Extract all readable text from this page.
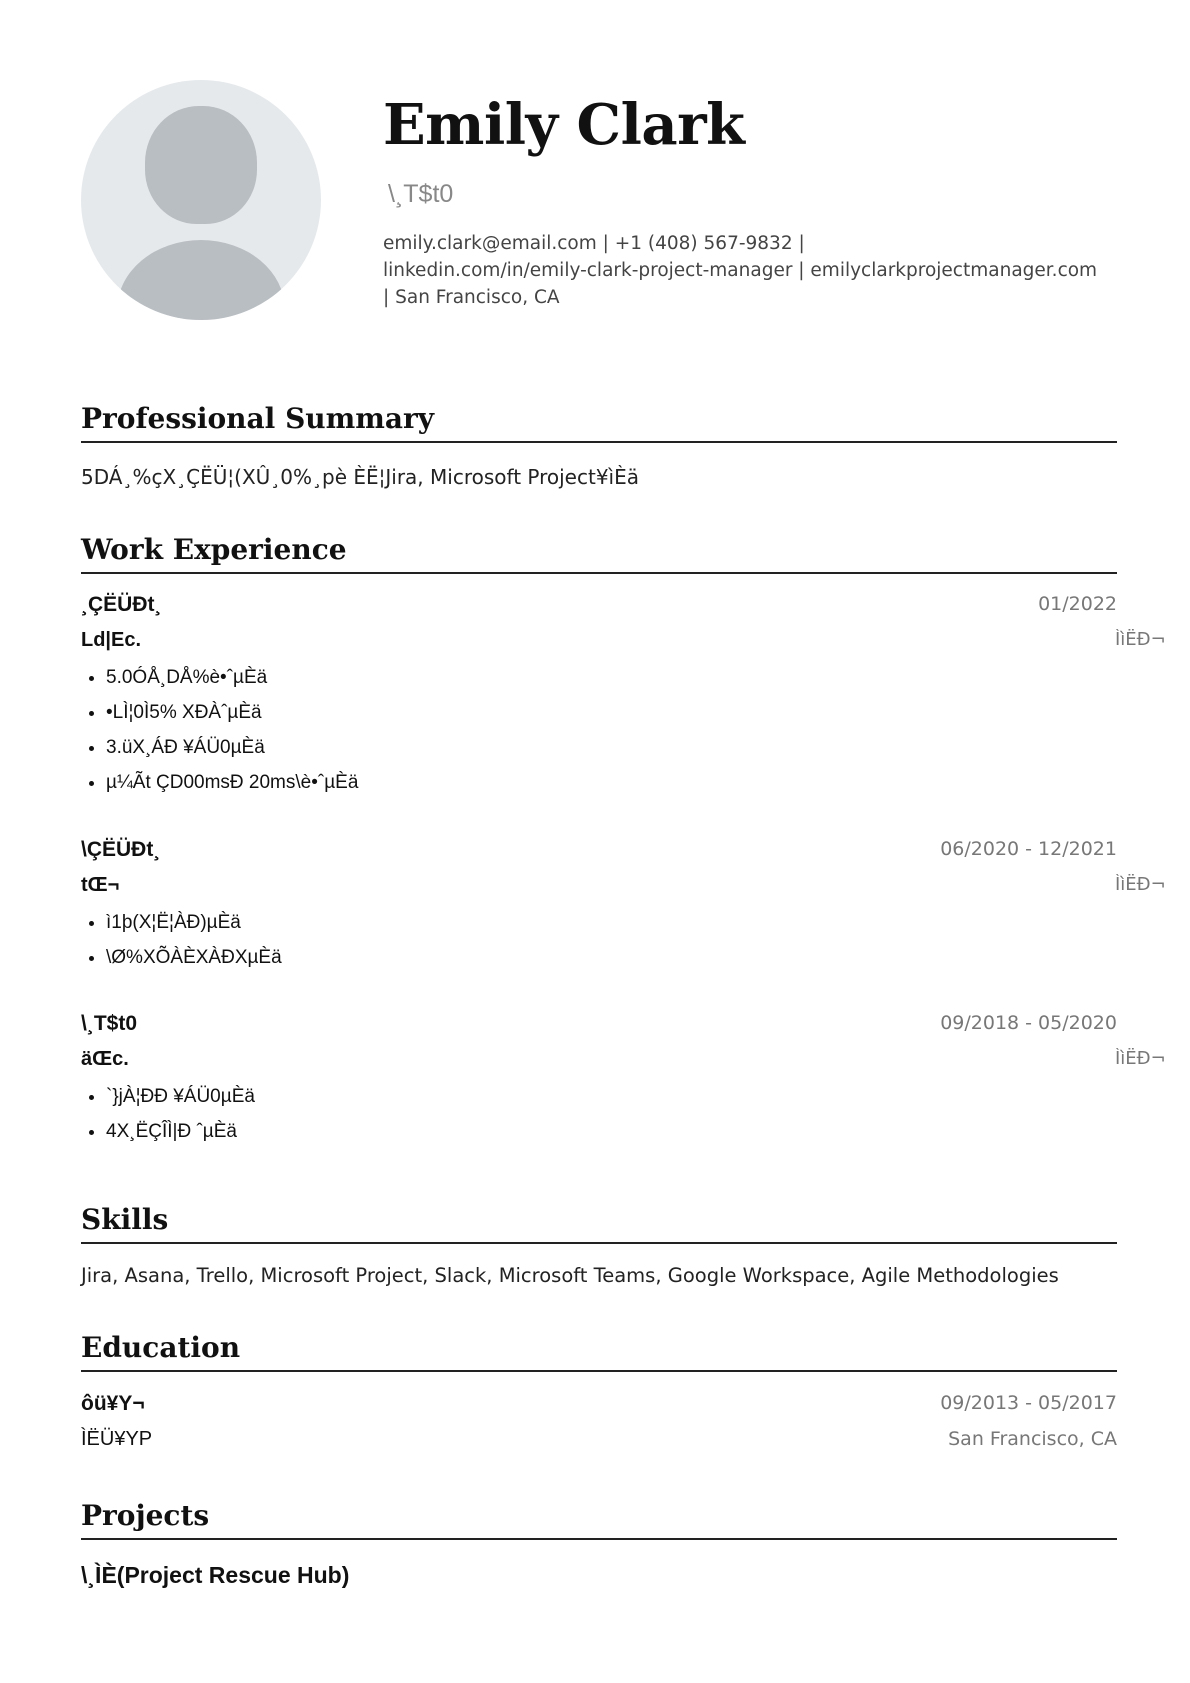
Emily Clark
\¸T$t0
emily.clark@email.com | +1 (408) 567-9832 |
linkedin.com/in/emily-clark-project-manager | emilyclarkprojectmanager.com
| San Francisco, CA
Professional Summary
5DÁ¸%çX¸ÇËÜ¦(XÛ¸0%¸pè ÈË¦Jira, Microsoft Project¥ìÈä
Work Experience
¸ÇËÜÐt¸	01/2022
Ld|Ec.	ÌìËÐ¬
• 5.0ÓÅ¸DÅ%è•ˆµÈä
• •LÌ¦0Ì5% XÐÀˆµÈä
• 3.üX¸ÁÐ ¥ÁÜ0µÈä
• µ¼Ãt ÇD00msÐ 20ms\è•ˆµÈä
\ÇËÜÐt¸	06/2020 - 12/2021
tŒ¬	ÌìËÐ¬
• ì1þ(X¦Ë¦ÀÐ)µÈä
• \Ø%XÕÀÈXÀÐXµÈä
\¸T$t0	09/2018 - 05/2020
äŒc.	ÌìËÐ¬
• `}jÀ¦ÐÐ ¥ÁÜ0µÈä
• 4X¸ËÇÎÌ|Ð ˆµÈä
Skills
Jira, Asana, Trello, Microsoft Project, Slack, Microsoft Teams, Google Workspace, Agile Methodologies
Education
ôü¥Y¬	09/2013 - 05/2017
ÌËÜ¥YP	San Francisco, CA
Projects
\¸ÌÈ(Project Rescue Hub)
